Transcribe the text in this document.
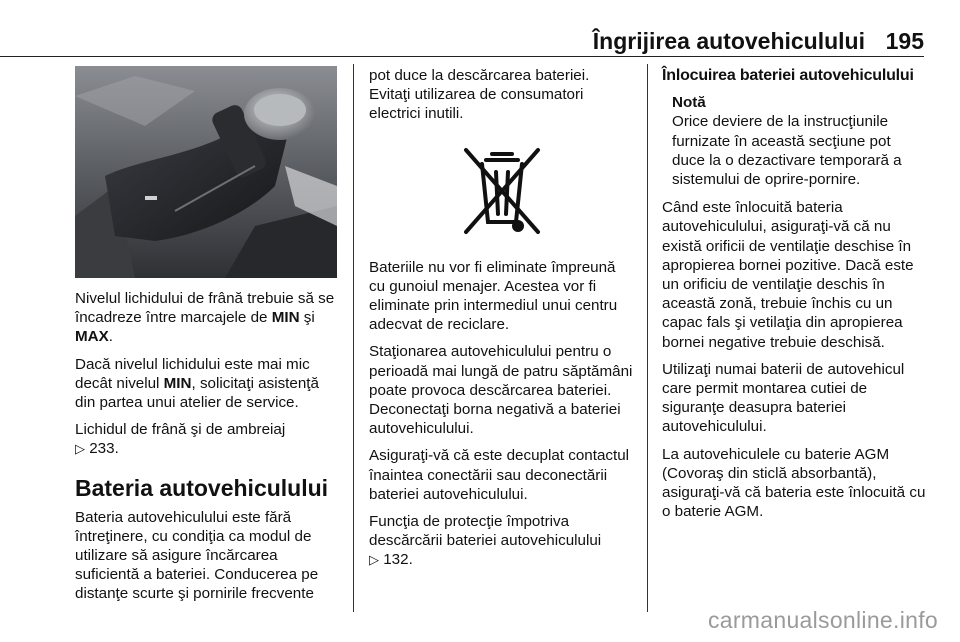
Îngrijirea autovehiculului 195

Nivelul lichidului de frână trebuie să se încadreze între marcajele de MIN şi MAX.

Dacă nivelul lichidului este mai mic decât nivelul MIN, solicitaţi asistenţă din partea unui atelier de service.

Lichidul de frână şi de ambreiaj
▷ 233.

Bateria autovehiculului

Bateria autovehiculului este fără întreţinere, cu condiţia ca modul de utilizare să asigure încărcarea suficientă a bateriei. Conducerea pe distanţe scurte şi pornirile frecvente

pot duce la descărcarea bateriei. Evitaţi utilizarea de consumatori electrici inutili.

Bateriile nu vor fi eliminate împreună cu gunoiul menajer. Acestea vor fi eliminate prin intermediul unui centru adecvat de reciclare.

Staţionarea autovehiculului pentru o perioadă mai lungă de patru săptămâni poate provoca descărcarea bateriei. Deconectaţi borna negativă a bateriei autovehiculului.

Asiguraţi-vă că este decuplat contactul înaintea conectării sau deconectării bateriei autovehiculului.

Funcţia de protecţie împotriva descărcării bateriei autovehiculului
▷ 132.

Înlocuirea bateriei autovehiculului

Notă
Orice deviere de la instrucţiunile furnizate în această secţiune pot duce la o dezactivare temporară a sistemului de oprire-pornire.

Când este înlocuită bateria autovehiculului, asiguraţi-vă că nu există orificii de ventilaţie deschise în apropierea bornei pozitive. Dacă este un orificiu de ventilaţie deschis în această zonă, trebuie închis cu un capac fals şi vetilaţia din apropierea bornei negative trebuie deschisă.

Utilizaţi numai baterii de autovehicul care permit montarea cutiei de siguranţe deasupra bateriei autovehiculului.

La autovehiculele cu baterie AGM (Covoraş din sticlă absorbantă), asiguraţi-vă că bateria este înlocuită cu o baterie AGM.

carmanualsonline.info
